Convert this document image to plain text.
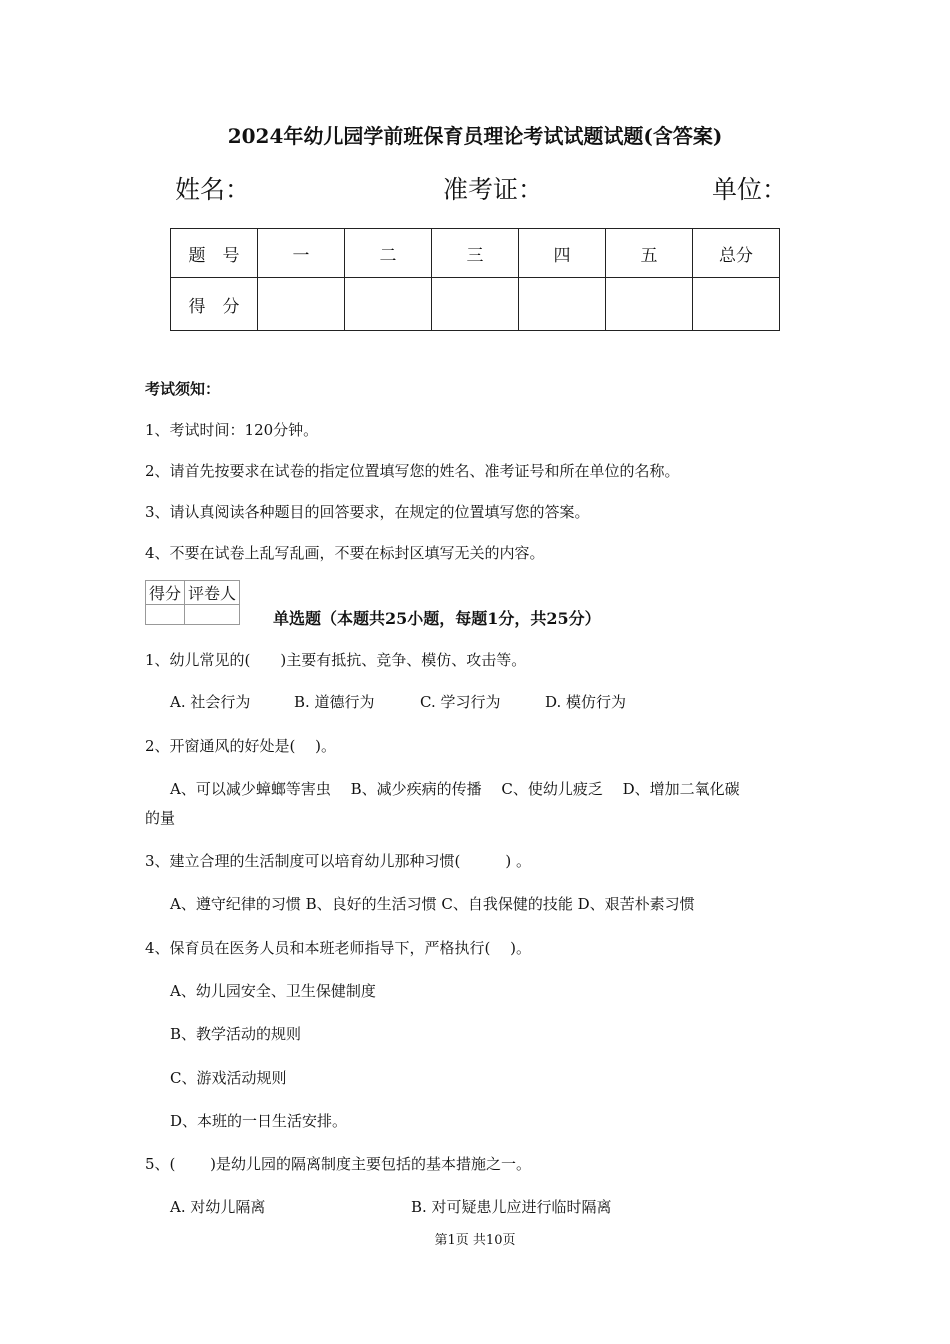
2024年幼儿园学前班保育员理论考试试题试题(含答案)
姓名：	准考证：	单位：
题　号	一	二	三	四	五	总分
得　分						
考试须知：
1、考试时间：120分钟。
2、请首先按要求在试卷的指定位置填写您的姓名、准考证号和所在单位的名称。
3、请认真阅读各种题目的回答要求，在规定的位置填写您的答案。
4、不要在试卷上乱写乱画，不要在标封区填写无关的内容。
得分	评卷人

单选题（本题共25小题，每题1分，共25分）
1、幼儿常见的(　　)主要有抵抗、竞争、模仿、攻击等。
A. 社会行为	B. 道德行为	C. 学习行为	D. 模仿行为
2、开窗通风的好处是(　 )。
A、可以减少蟑螂等害虫　 B、减少疾病的传播　 C、使幼儿疲乏　 D、增加二氧化碳
的量
3、建立合理的生活制度可以培育幼儿那种习惯(　　　) 。
A、遵守纪律的习惯 B、良好的生活习惯 C、自我保健的技能 D、艰苦朴素习惯
4、保育员在医务人员和本班老师指导下，严格执行(　 )。
A、幼儿园安全、卫生保健制度
B、教学活动的规则
C、游戏活动规则
D、本班的一日生活安排。
5、(　　 )是幼儿园的隔离制度主要包括的基本措施之一。
A. 对幼儿隔离	B. 对可疑患儿应进行临时隔离
第1页 共10页
